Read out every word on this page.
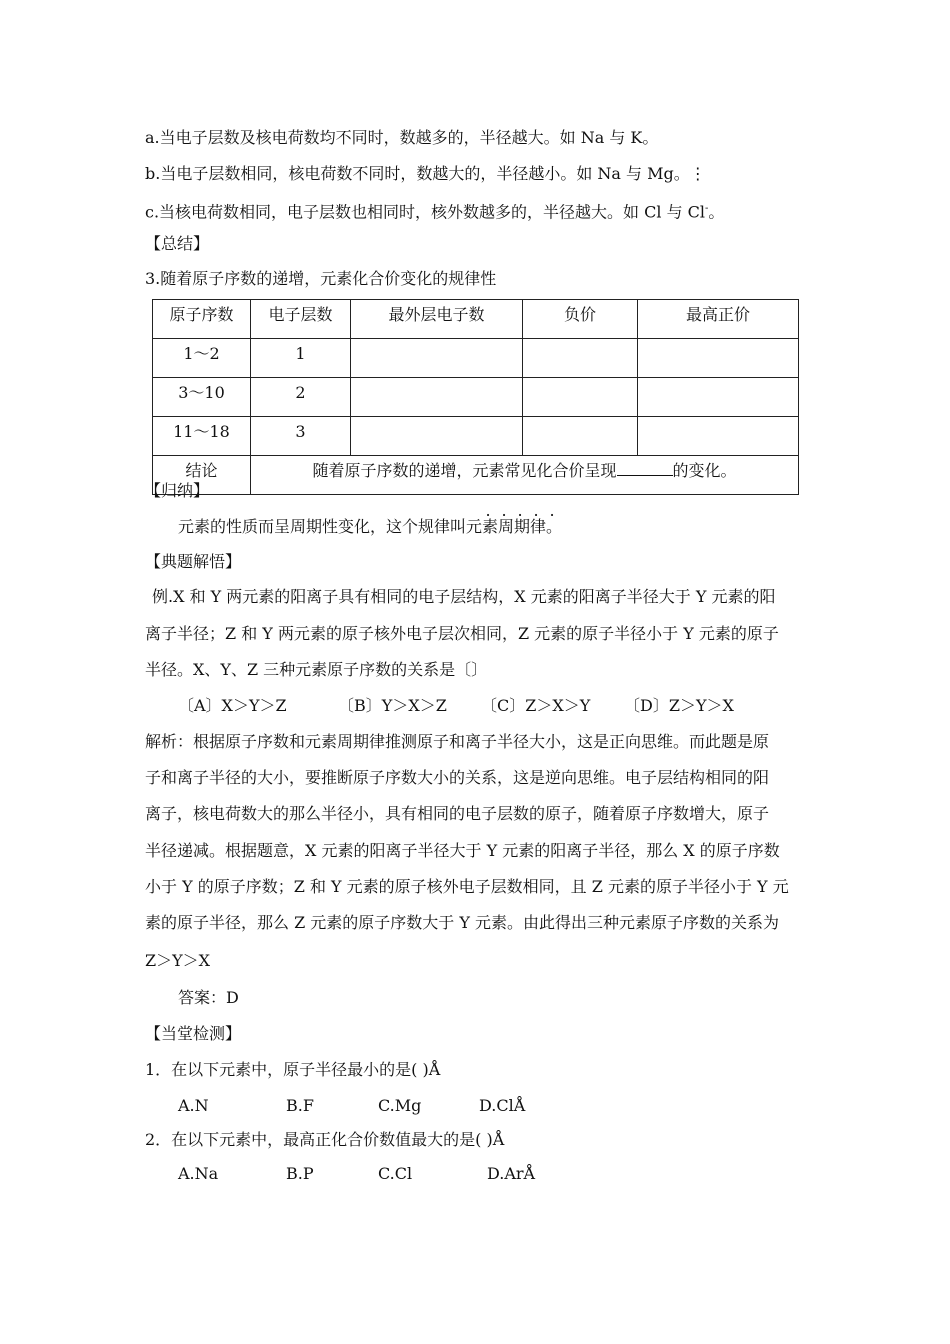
a.当电子层数及核电荷数均不同时，数越多的，半径越大。如 Na 与 K。
b.当电子层数相同，核电荷数不同时，数越大的，半径越小。如 Na 与 Mg。⋮
c.当核电荷数相同，电子层数也相同时，核外数越多的，半径越大。如 Cl 与 Cl-。
【总结】
3.随着原子序数的递增，元素化合价变化的规律性
原子序数	电子层数	最外层电子数	负价	最高正价
1～2	1			
3～10	2			
11～18	3			
结论	随着原子序数的递增，元素常见化合价呈现 的变化。			
【归纳】
. . . . .
元素的性质而呈周期性变化，这个规律叫元素周期律。
【典题解悟】
例.X 和 Y 两元素的阳离子具有相同的电子层结构，X 元素的阳离子半径大于 Y 元素的阳
离子半径；Z 和 Y 两元素的原子核外电子层次相同，Z 元素的原子半径小于 Y 元素的原子
半径。X、Y、Z 三种元素原子序数的关系是〔〕
〔A〕X＞Y＞Z	〔B〕Y＞X＞Z 〔C〕Z＞X＞Y 〔D〕Z＞Y＞X
解析：根据原子序数和元素周期律推测原子和离子半径大小，这是正向思维。而此题是原
子和离子半径的大小，要推断原子序数大小的关系，这是逆向思维。电子层结构相同的阳
离子，核电荷数大的那么半径小，具有相同的电子层数的原子，随着原子序数增大，原子
半径递减。根据题意，X 元素的阳离子半径大于 Y 元素的阳离子半径，那么 X 的原子序数
小于 Y 的原子序数；Z 和 Y 元素的原子核外电子层数相同，且 Z 元素的原子半径小于 Y 元
素的原子半径，那么 Z 元素的原子序数大于 Y 元素。由此得出三种元素原子序数的关系为
Z＞Y＞X
答案：D
【当堂检测】
1．在以下元素中，原子半径最小的是( )Å
A.N	B.F	C.Mg	D.ClÅ
2．在以下元素中，最高正化合价数值最大的是( )Å
A.Na	B.P	C.Cl	D.ArÅ
